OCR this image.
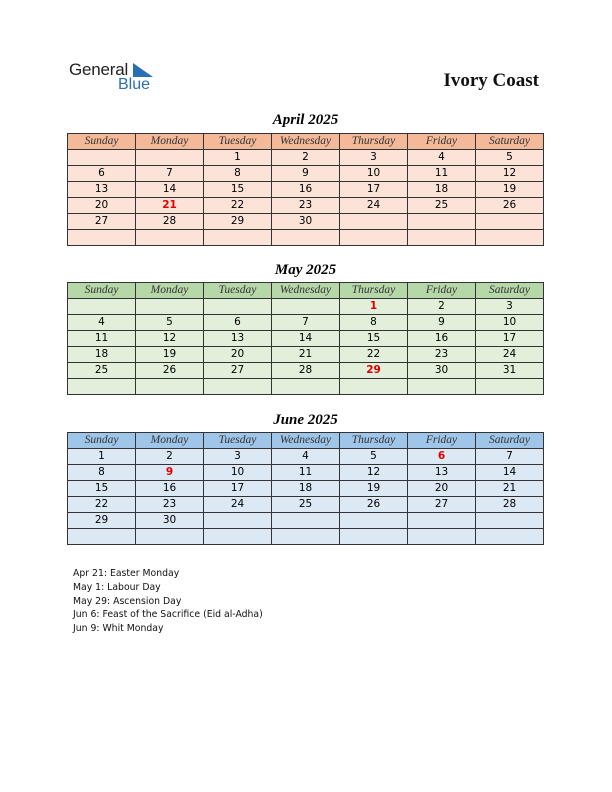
General
Blue	Ivory Coast
April 2025
Sunday	Monday	Tuesday	Wednesday	Thursday	Friday	Saturday
		1	2	3	4	5
6	7	8	9	10	11	12
13	14	15	16	17	18	19
20	21	22	23	24	25	26
27	28	29	30			

May 2025
Sunday	Monday	Tuesday	Wednesday	Thursday	Friday	Saturday
				1	2	3
4	5	6	7	8	9	10
11	12	13	14	15	16	17
18	19	20	21	22	23	24
25	26	27	28	29	30	31

June 2025
Sunday	Monday	Tuesday	Wednesday	Thursday	Friday	Saturday
1	2	3	4	5	6	7
8	9	10	11	12	13	14
15	16	17	18	19	20	21
22	23	24	25	26	27	28
29	30					

Apr 21: Easter Monday
May 1: Labour Day
May 29: Ascension Day
Jun 6: Feast of the Sacrifice (Eid al-Adha)
Jun 9: Whit Monday
